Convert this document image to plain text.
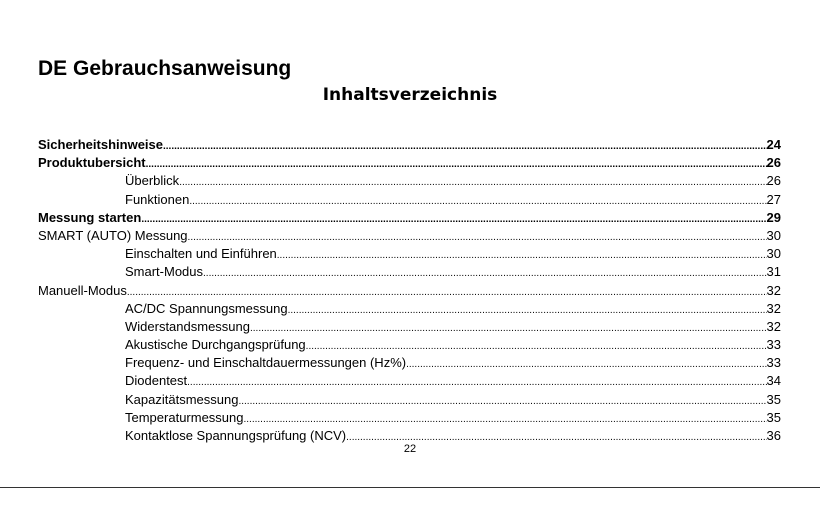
DE Gebrauchsanweisung
Inhaltsverzeichnis
Sicherheitshinweise .....	24
Produktubersicht .....	26
Überblick .....	26
Funktionen .....	27
Messung starten .....	29
SMART (AUTO) Messung .....	30
Einschalten und Einführen .....	30
Smart-Modus .....	31
Manuell-Modus .....	32
AC/DC Spannungsmessung .....	32
Widerstandsmessung .....	32
Akustische Durchgangsprüfung .....	33
Frequenz- und Einschaltdauermessungen (Hz%) .....	33
Diodentest .....	34
Kapazitätsmessung .....	35
Temperaturmessung .....	35
Kontaktlose Spannungsprüfung (NCV) .....	36
22
